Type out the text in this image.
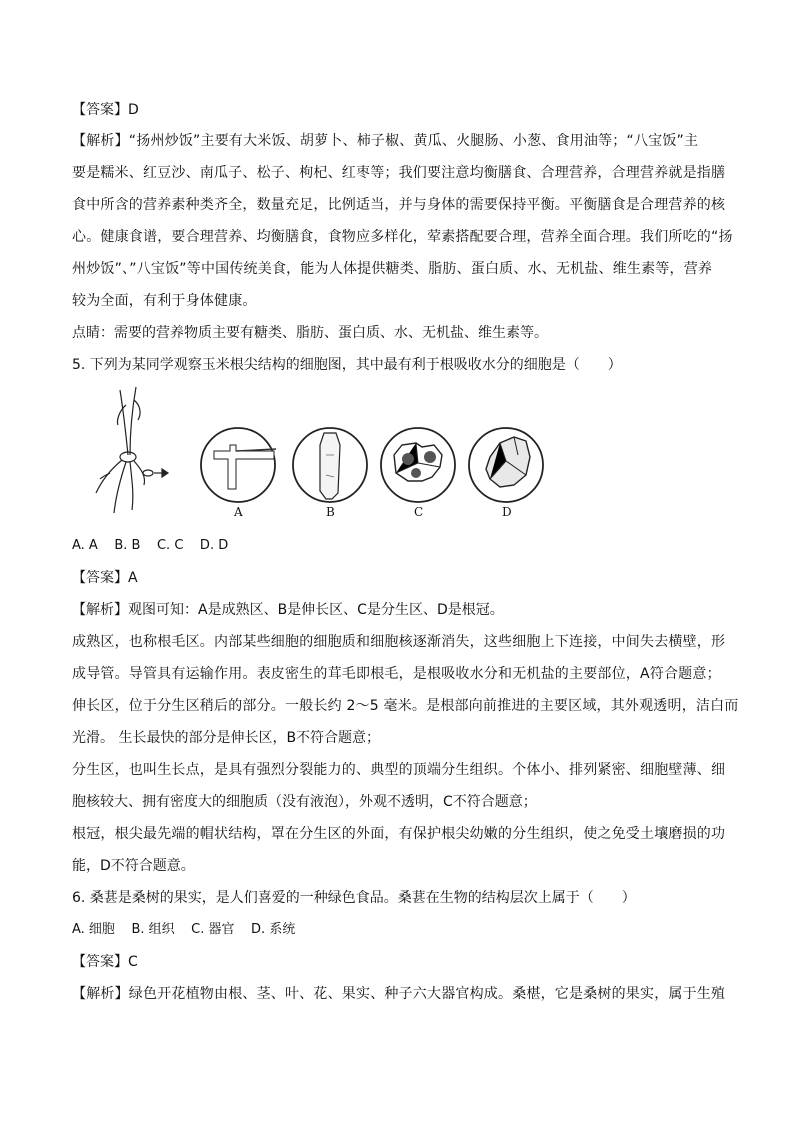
【答案】D
【解析】“扬州炒饭”主要有大米饭、胡萝卜、柿子椒、黄瓜、火腿肠、小葱、食用油等；“八宝饭”主
要是糯米、红豆沙、南瓜子、松子、枸杞、红枣等；我们要注意均衡膳食、合理营养，合理营养就是指膳
食中所含的营养素种类齐全，数量充足，比例适当，并与身体的需要保持平衡。平衡膳食是合理营养的核
心。健康食谱，要合理营养、均衡膳食，食物应多样化，荤素搭配要合理，营养全面合理。我们所吃的“扬
州炒饭”、”八宝饭”等中国传统美食，能为人体提供糖类、脂肪、蛋白质、水、无机盐、维生素等，营养
较为全面，有利于身体健康。
点睛：需要的营养物质主要有糖类、脂肪、蛋白质、水、无机盐、维生素等。
5. 下列为某同学观察玉米根尖结构的细胞图，其中最有利于根吸收水分的细胞是（　　）
A	B	C	D
A. A    B. B    C. C    D. D
【答案】A
【解析】观图可知：A是成熟区、B是伸长区、C是分生区、D是根冠。
成熟区，也称根毛区。内部某些细胞的细胞质和细胞核逐渐消失，这些细胞上下连接，中间失去横壁，形
成导管。导管具有运输作用。表皮密生的茸毛即根毛，是根吸收水分和无机盐的主要部位，A符合题意；
伸长区，位于分生区稍后的部分。一般长约 2～5 毫米。是根部向前推进的主要区域，其外观透明，洁白而
光滑。 生长最快的部分是伸长区，B不符合题意；
分生区，也叫生长点，是具有强烈分裂能力的、典型的顶端分生组织。个体小、排列紧密、细胞壁薄、细
胞核较大、拥有密度大的细胞质（没有液泡），外观不透明，C不符合题意；
根冠，根尖最先端的帽状结构，罩在分生区的外面，有保护根尖幼嫩的分生组织，使之免受土壤磨损的功
能，D不符合题意。
6. 桑葚是桑树的果实，是人们喜爱的一种绿色食品。桑葚在生物的结构层次上属于（　　）
A. 细胞    B. 组织    C. 器官    D. 系统
【答案】C
【解析】绿色开花植物由根、茎、叶、花、果实、种子六大器官构成。桑椹，它是桑树的果实，属于生殖
